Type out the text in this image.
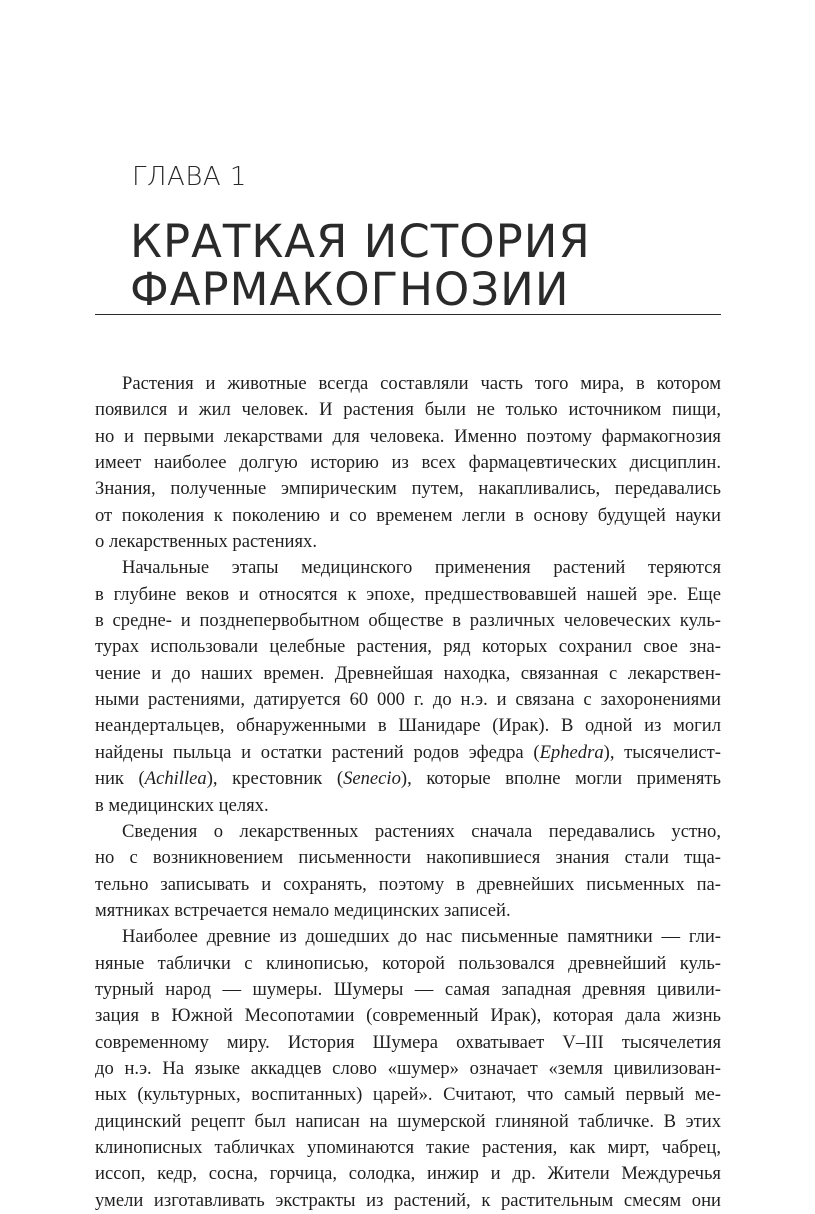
ГЛАВА 1
КРАТКАЯ ИСТОРИЯ
ФАРМАКОГНОЗИИ
Растения и животные всегда составляли часть того мира, в котором
появился и жил человек. И растения были не только источником пищи,
но и первыми лекарствами для человека. Именно поэтому фармакогнозия
имеет наиболее долгую историю из всех фармацевтических дисциплин.
Знания, полученные эмпирическим путем, накапливались, передавались
от поколения к поколению и со временем легли в основу будущей науки
о лекарственных растениях.
Начальные этапы медицинского применения растений теряются
в глубине веков и относятся к эпохе, предшествовавшей нашей эре. Еще
в средне- и позднепервобытном обществе в различных человеческих куль-
турах использовали целебные растения, ряд которых сохранил свое зна-
чение и до наших времен. Древнейшая находка, связанная с лекарствен-
ными растениями, датируется 60 000 г. до н.э. и связана с захоронениями
неандертальцев, обнаруженными в Шанидаре (Ирак). В одной из могил
найдены пыльца и остатки растений родов эфедра (Ephedra), тысячелист-
ник (Achillea), крестовник (Senecio), которые вполне могли применять
в медицинских целях.
Сведения о лекарственных растениях сначала передавались устно,
но с возникновением письменности накопившиеся знания стали тща-
тельно записывать и сохранять, поэтому в древнейших письменных па-
мятниках встречается немало медицинских записей.
Наиболее древние из дошедших до нас письменные памятники — гли-
няные таблички с клинописью, которой пользовался древнейший куль-
турный народ — шумеры. Шумеры — самая западная древняя цивили-
зация в Южной Месопотамии (современный Ирак), которая дала жизнь
современному миру. История Шумера охватывает V–III тысячелетия
до н.э. На языке аккадцев слово «шумер» означает «земля цивилизован-
ных (культурных, воспитанных) царей». Считают, что самый первый ме-
дицинский рецепт был написан на шумерской глиняной табличке. В этих
клинописных табличках упоминаются такие растения, как мирт, чабрец,
иссоп, кедр, сосна, горчица, солодка, инжир и др. Жители Междуречья
умели изготавливать экстракты из растений, к растительным смесям они
